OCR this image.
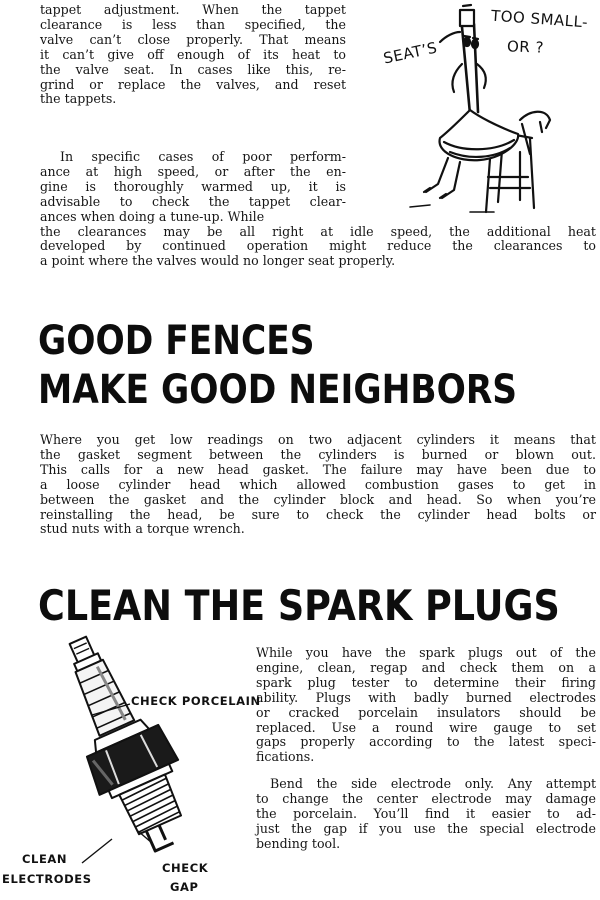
tappet adjustment. When the tappet
clearance is less than specified, the
valve can’t close properly. That means
it can’t give off enough of its heat to
the valve seat. In cases like this, re-
grind or replace the valves, and reset
the tappets.
In specific cases of poor perform-
ance at high speed, or after the en-
gine is thoroughly warmed up, it is
advisable to check the tappet clear-
ances when doing a tune-up. While
the clearances may be all right at idle speed, the additional heat
developed by continued operation might reduce the clearances to
a point where the valves would no longer seat properly.
SEAT’S
TOO SMALL-
OR ?
GOOD FENCES
MAKE GOOD NEIGHBORS
Where you get low readings on two adjacent cylinders it means that
the gasket segment between the cylinders is burned or blown out.
This calls for a new head gasket. The failure may have been due to
a loose cylinder head which allowed combustion gases to get in
between the gasket and the cylinder block and head. So when you’re
reinstalling the head, be sure to check the cylinder head bolts or
stud nuts with a torque wrench.
CLEAN THE SPARK PLUGS
While you have the spark plugs out of the
engine, clean, regap and check them on a
spark plug tester to determine their firing
ability. Plugs with badly burned electrodes
or cracked porcelain insulators should be
replaced. Use a round wire gauge to set
gaps properly according to the latest speci-
fications.
Bend the side electrode only. Any attempt
to change the center electrode may damage
the porcelain. You’ll find it easier to ad-
just the gap if you use the special electrode
bending tool.
CHECK PORCELAIN
CLEAN
ELECTRODES
CHECK
GAP
